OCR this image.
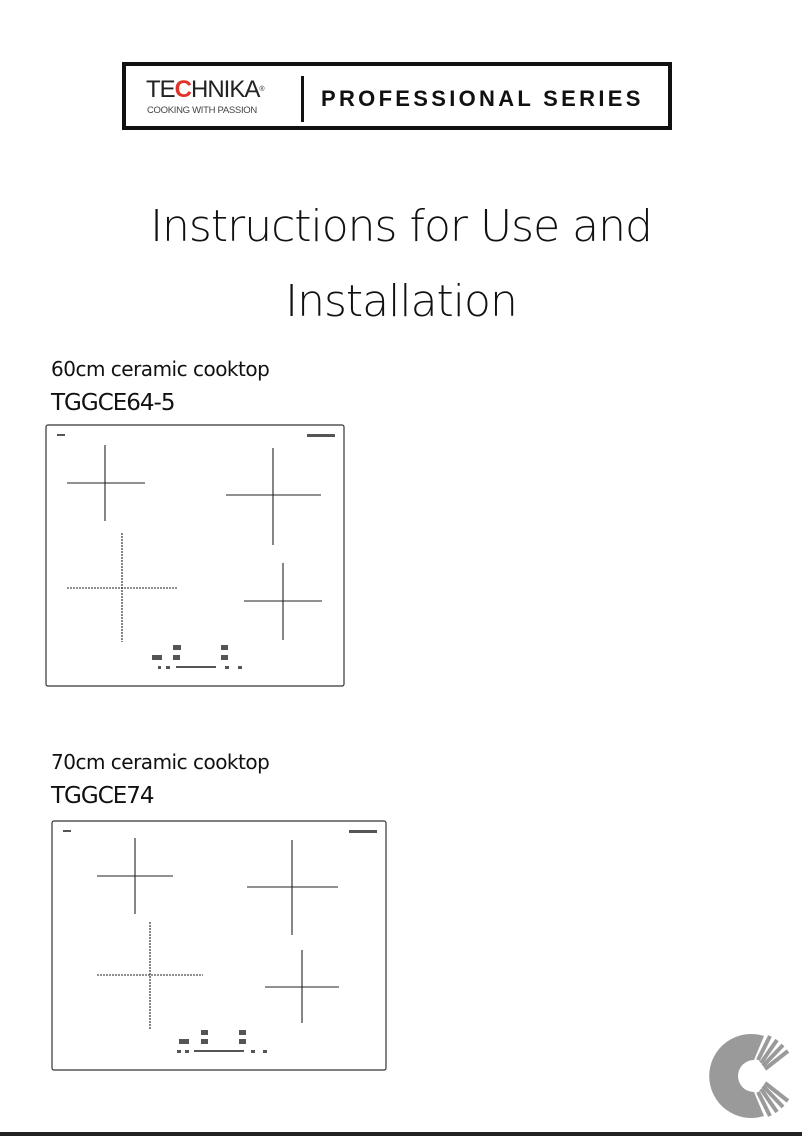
TECHNIKA®
COOKING WITH PASSION	PROFESSIONAL SERIES
Instructions for Use and
Installation
60cm ceramic cooktop
TGGCE64-5
70cm ceramic cooktop
TGGCE74
